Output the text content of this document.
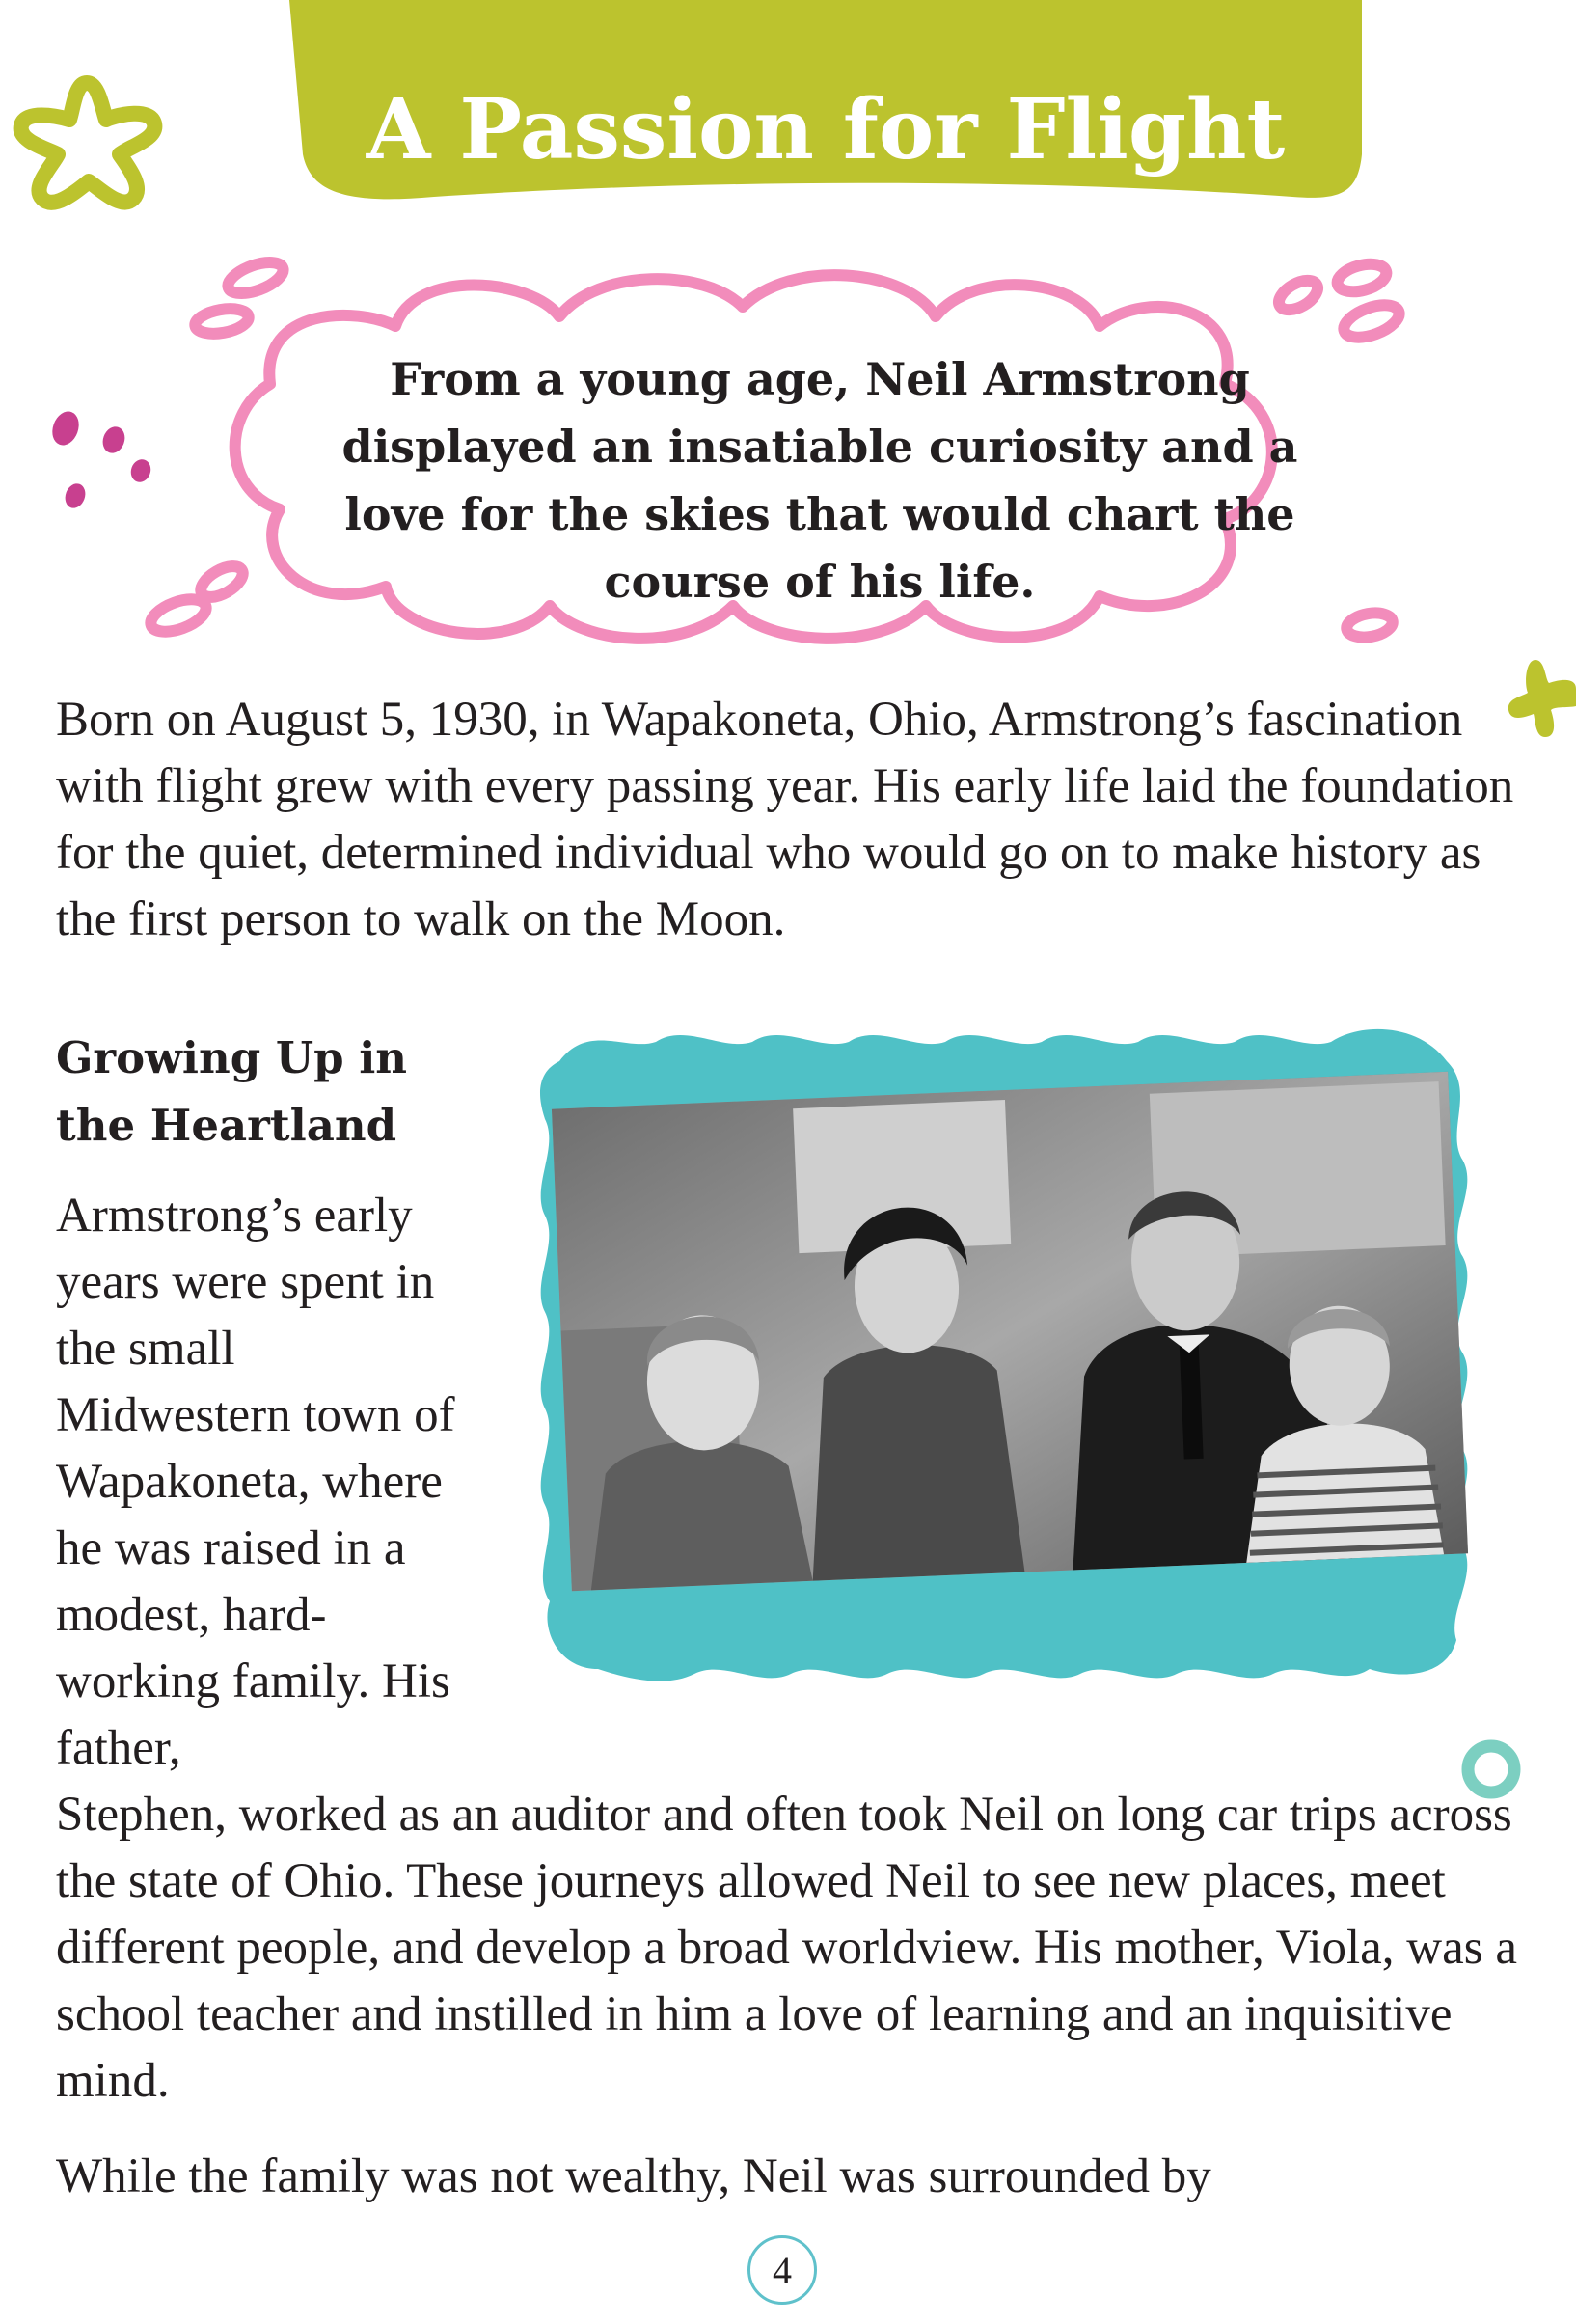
A Passion for Flight

From a young age, Neil Armstrong displayed an insatiable curiosity and a love for the skies that would chart the course of his life.

Born on August 5, 1930, in Wapakoneta, Ohio, Armstrong’s fascination with flight grew with every passing year. His early life laid the foundation for the quiet, determined individual who would go on to make history as the first person to walk on the Moon.

Growing Up in the Heartland

Armstrong’s early years were spent in the small Midwestern town of Wapakoneta, where he was raised in a modest, hard-working family. His father,

Stephen, worked as an auditor and often took Neil on long car trips across the state of Ohio. These journeys allowed Neil to see new places, meet different people, and develop a broad worldview. His mother, Viola, was a school teacher and instilled in him a love of learning and an inquisitive mind.

While the family was not wealthy, Neil was surrounded by

4
